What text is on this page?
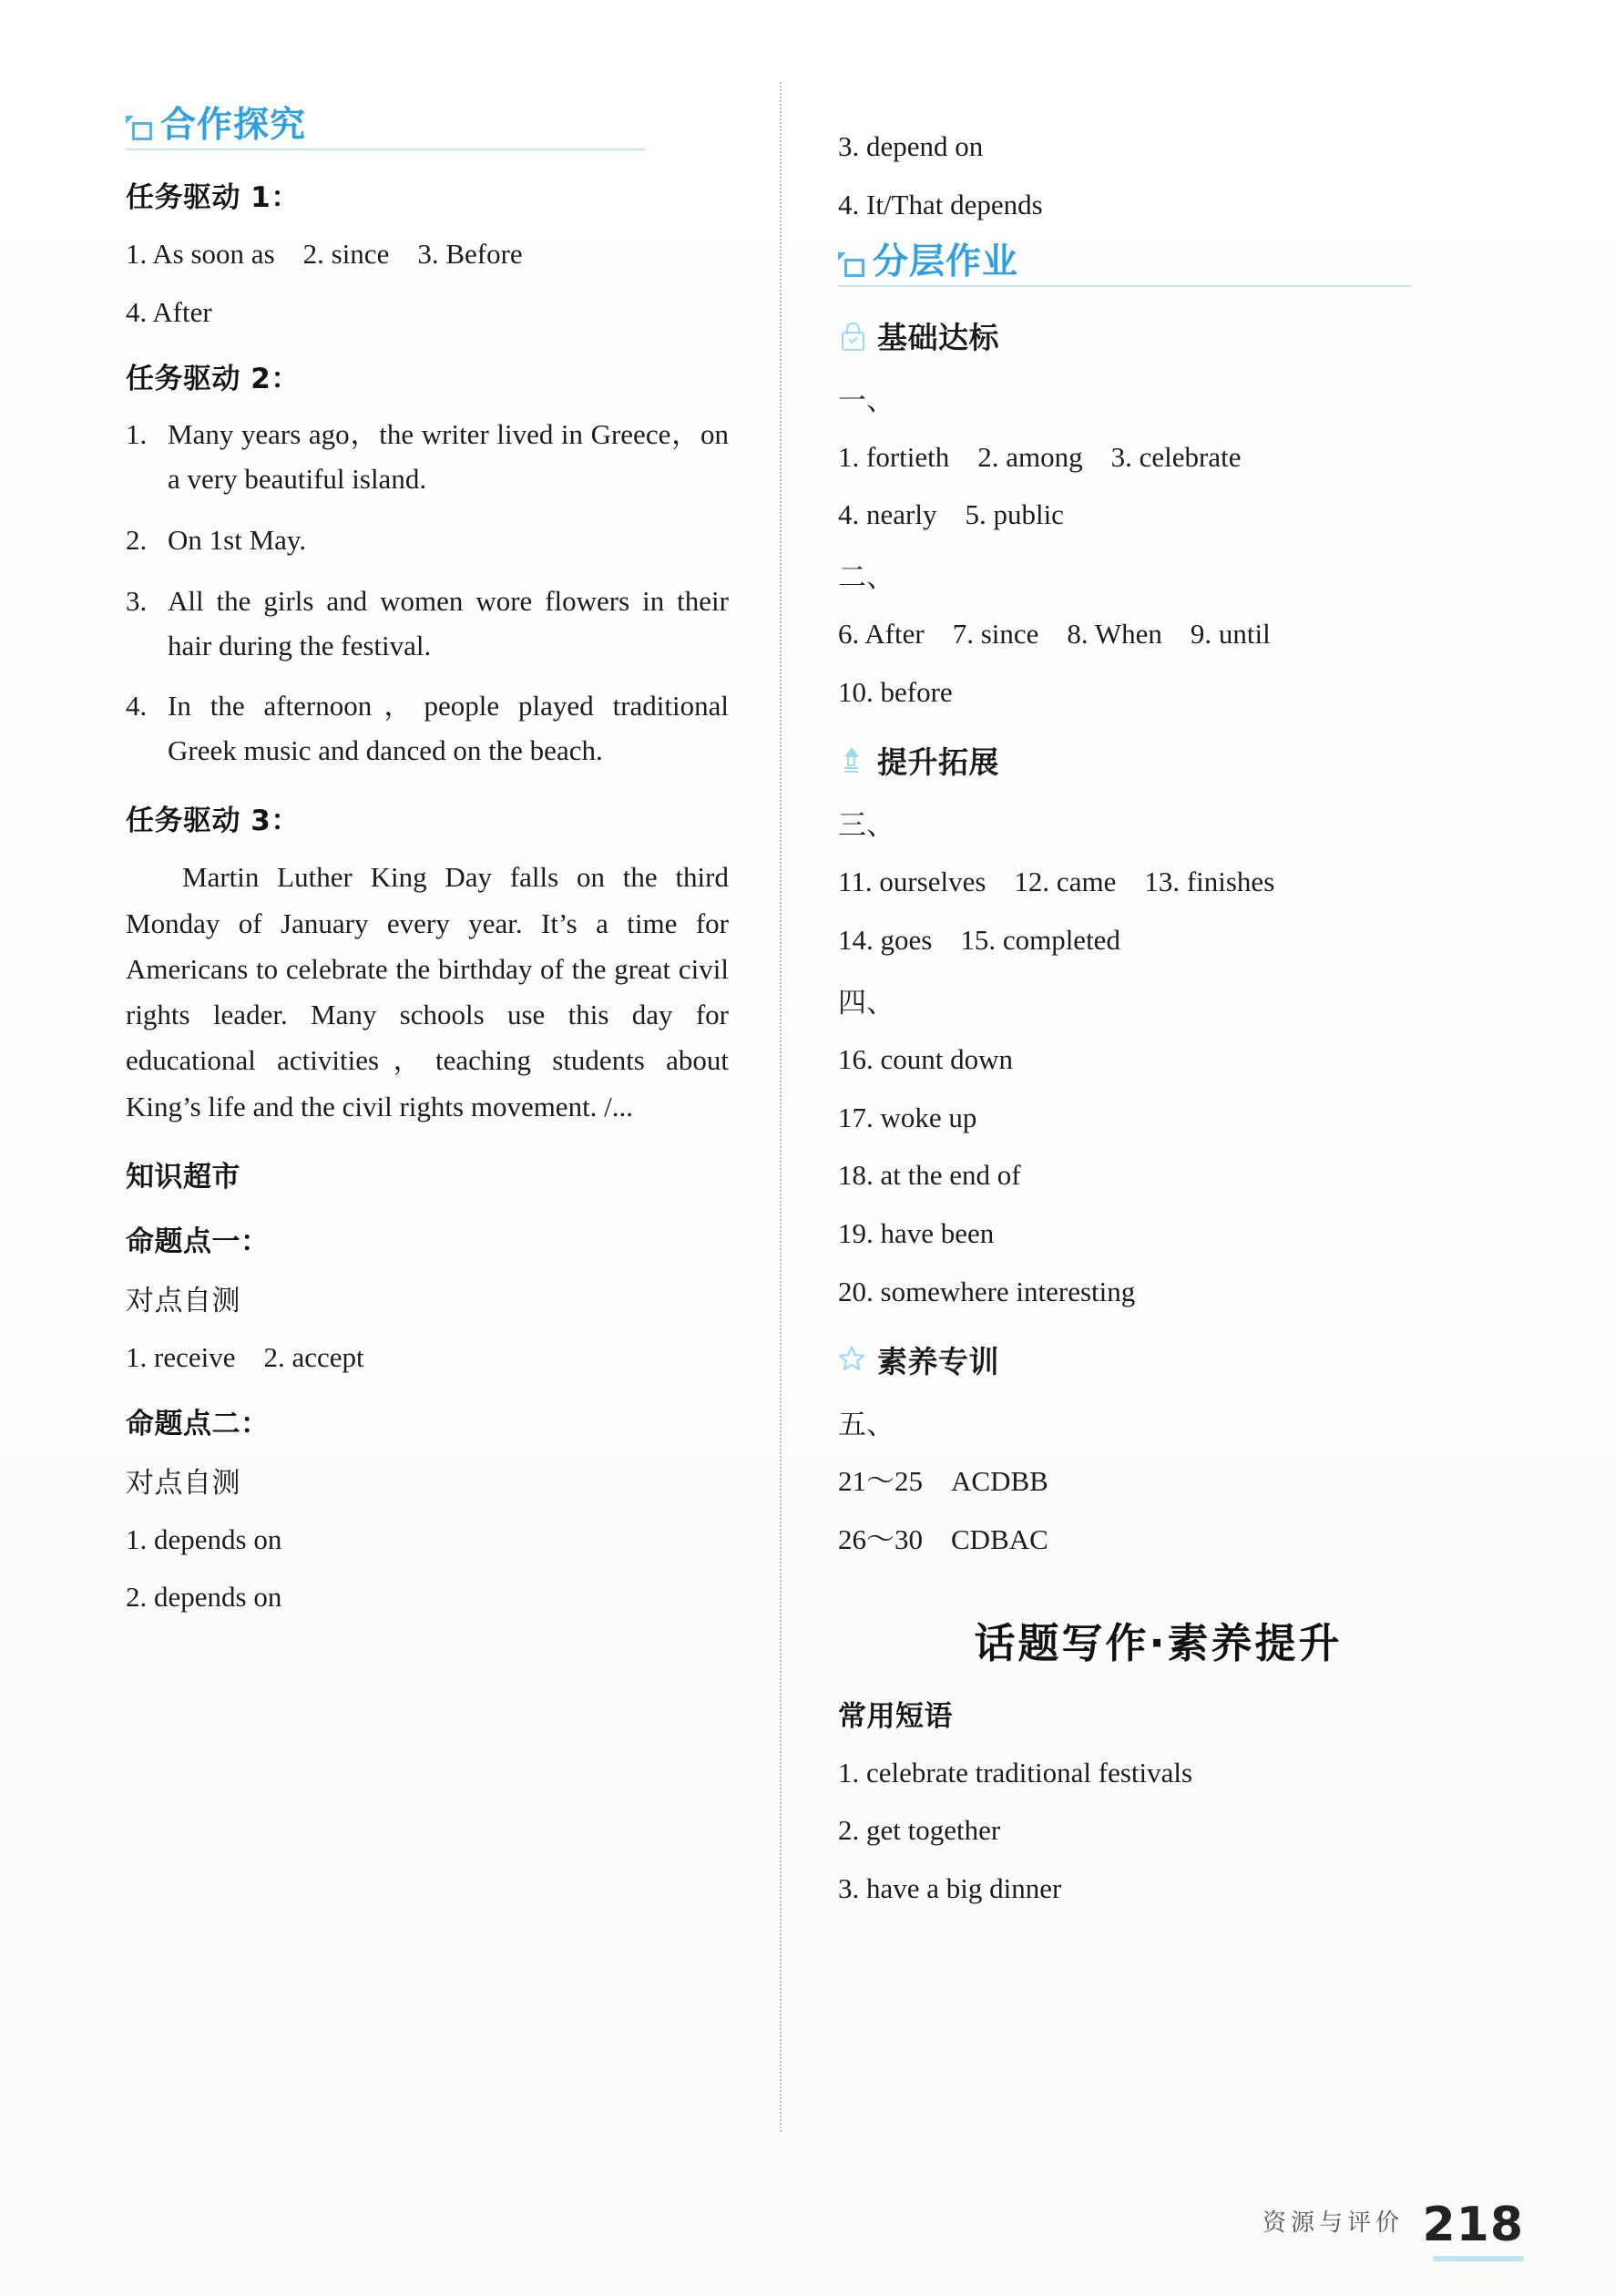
合作探究
任务驱动 1：
1. As soon as　2. since　3. Before
4. After
任务驱动 2：
1. Many years ago，the writer lived in Greece，on a very beautiful island.
2. On 1st May.
3. All the girls and women wore flowers in their hair during the festival.
4. In the afternoon，people played traditional Greek music and danced on the beach.
任务驱动 3：
Martin Luther King Day falls on the third Monday of January every year. It’s a time for Americans to celebrate the birthday of the great civil rights leader. Many schools use this day for educational activities，teaching students about King’s life and the civil rights movement. /...
知识超市
命题点一：
对点自测
1. receive　2. accept
命题点二：
对点自测
1. depends on
2. depends on
3. depend on
4. It/That depends
分层作业
基础达标
一、
1. fortieth　2. among　3. celebrate
4. nearly　5. public
二、
6. After　7. since　8. When　9. until
10. before
提升拓展
三、
11. ourselves　12. came　13. finishes
14. goes　15. completed
四、
16. count down
17. woke up
18. at the end of
19. have been
20. somewhere interesting
素养专训
五、
21～25　ACDBB
26～30　CDBAC
话题写作·素养提升
常用短语
1. celebrate traditional festivals
2. get together
3. have a big dinner
资源与评价 218
